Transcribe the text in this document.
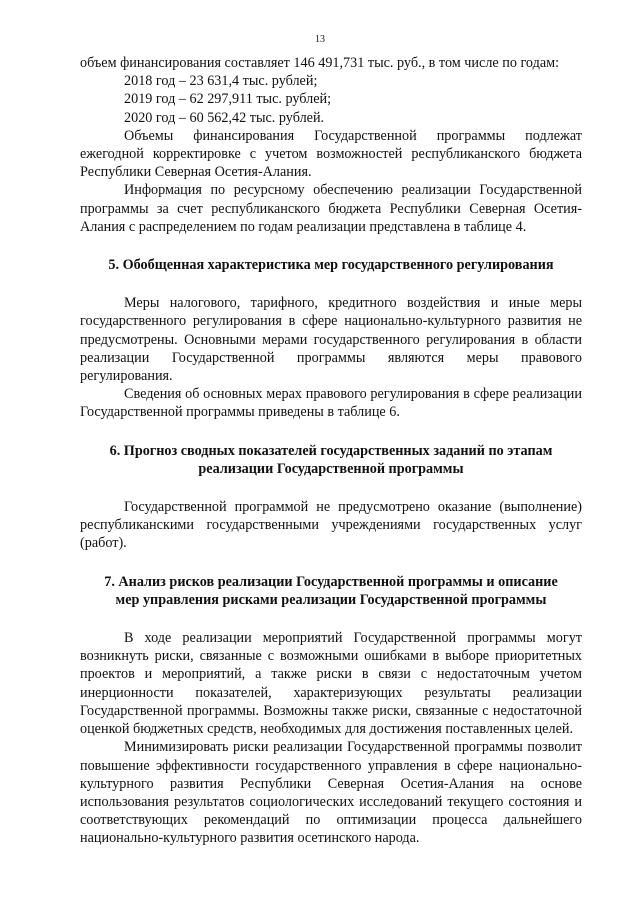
13

объем финансирования составляет 146 491,731 тыс. руб., в том числе по годам:

2018 год – 23 631,4 тыс. рублей;

2019 год – 62 297,911 тыс. рублей;

2020 год – 60 562,42 тыс. рублей.

Объемы финансирования Государственной программы подлежат ежегодной корректировке с учетом возможностей республиканского бюджета Республики Северная Осетия-Алания.

Информация по ресурсному обеспечению реализации Государственной программы за счет республиканского бюджета Республики Северная Осетия-Алания с распределением по годам реализации представлена в таблице 4.

5. Обобщенная характеристика мер государственного регулирования

Меры налогового, тарифного, кредитного воздействия и иные меры государственного регулирования в сфере национально-культурного развития не предусмотрены. Основными мерами государственного регулирования в области реализации Государственной программы являются меры правового регулирования.

Сведения об основных мерах правового регулирования в сфере реализации Государственной программы приведены в таблице 6.

6. Прогноз сводных показателей государственных заданий по этапам

реализации Государственной программы

Государственной программой не предусмотрено оказание (выполнение) республиканскими государственными учреждениями государственных услуг (работ).

7. Анализ рисков реализации Государственной программы и описание

мер управления рисками реализации Государственной программы

В ходе реализации мероприятий Государственной программы могут возникнуть риски, связанные с возможными ошибками в выборе приоритетных проектов и мероприятий, а также риски в связи с недостаточным учетом инерционности показателей, характеризующих результаты реализации Государственной программы. Возможны также риски, связанные с недостаточной оценкой бюджетных средств, необходимых для достижения поставленных целей.

Минимизировать риски реализации Государственной программы позволит повышение эффективности государственного управления в сфере национально-культурного развития Республики Северная Осетия-Алания на основе использования результатов социологических исследований текущего состояния и соответствующих рекомендаций по оптимизации процесса дальнейшего национально-культурного развития осетинского народа.
